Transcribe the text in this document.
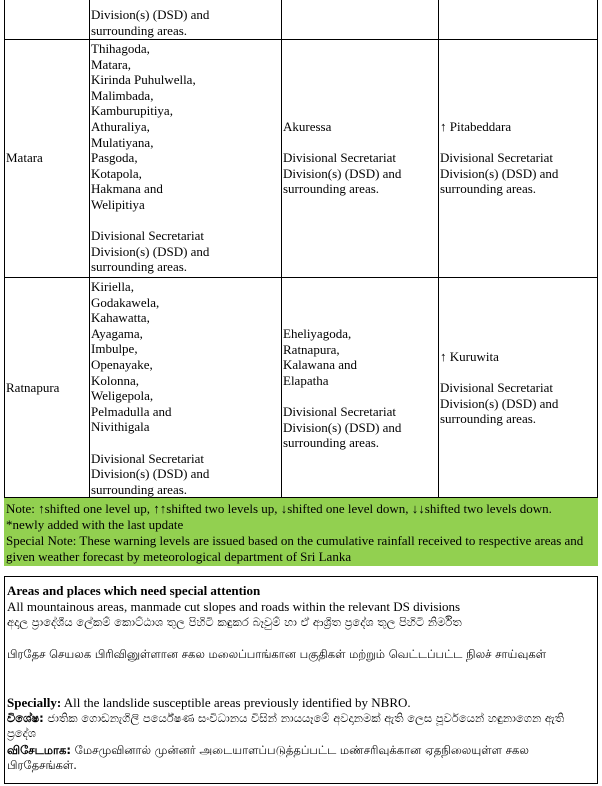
Division(s) (DSD) and
surrounding areas.
Matara
Thihagoda,
Matara,
Kirinda Puhulwella,
Malimbada,
Kamburupitiya,
Athuraliya,
Mulatiyana,
Pasgoda,
Kotapola,
Hakmana and
Welipitiya

Divisional Secretariat
Division(s) (DSD) and
surrounding areas.
Akuressa

Divisional Secretariat
Division(s) (DSD) and
surrounding areas.
↑ Pitabeddara

Divisional Secretariat
Division(s) (DSD) and
surrounding areas.
Ratnapura
Kiriella,
Godakawela,
Kahawatta,
Ayagama,
Imbulpe,
Openayake,
Kolonna,
Weligepola,
Pelmadulla and
Nivithigala

Divisional Secretariat
Division(s) (DSD) and
surrounding areas.
Eheliyagoda,
Ratnapura,
Kalawana and
Elapatha

Divisional Secretariat
Division(s) (DSD) and
surrounding areas.
↑ Kuruwita

Divisional Secretariat
Division(s) (DSD) and
surrounding areas.
Note: ↑shifted one level up, ↑↑shifted two levels up, ↓shifted one level down, ↓↓shifted two levels down.
*newly added with the last update
Special Note: These warning levels are issued based on the cumulative rainfall received to respective areas and given weather forecast by meteorological department of Sri Lanka
Areas and places which need special attention
All mountainous areas, manmade cut slopes and roads within the relevant DS divisions
අදාල ප්‍රාදේශීය ලේකම් කොට්ඨාශ තුල පිහිටි කඳුකර බෑවුම් හා ඒ ආශ්‍රිත ප්‍රදේශ තුල පිහිටි නිර්මිත
பிரதேச செயலக பிரிவினுள்ளான சகல மலைப்பாங்கான பகுதிகள் மற்றும் வெட்டப்பட்ட நிலச் சாய்வுகள்
Specially: All the landslide susceptible areas previously identified by NBRO.
විශේෂ: ජාතික ගොඩනැගිලි පර්යේෂණ සංවිධානය විසින් නායයෑමේ අවදානමක් ඇති ලෙස පූර්වයෙන් හඳුනාගෙන ඇති ප්‍රදේශ
விசேடமாக: மேசமுவினால் முன்னர் அடையாளப்படுத்தப்பட்ட மண்சரிவுக்கான ஏதநிலையுள்ள சகல பிரதேசங்கள்.
